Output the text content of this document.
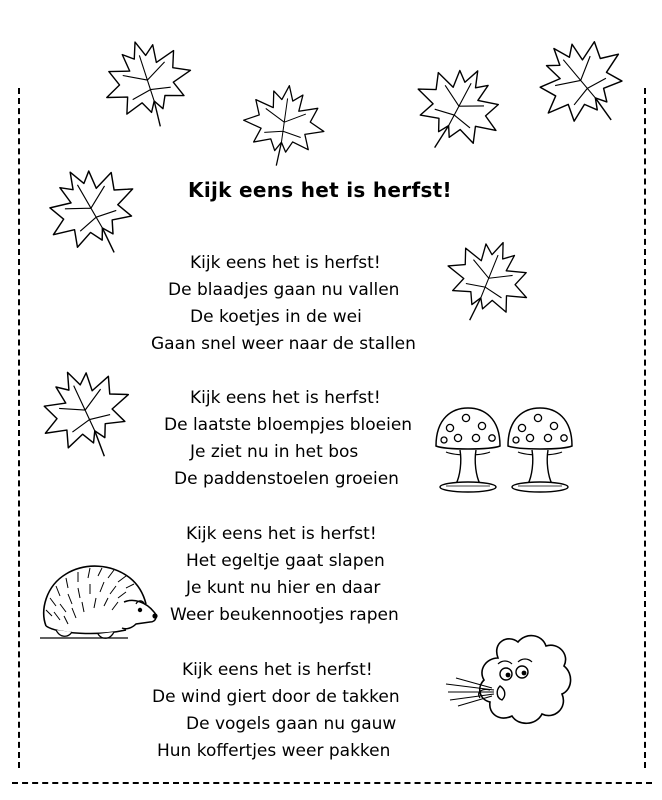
Kijk eens het is herfst!
Kijk eens het is herfst!
De blaadjes gaan nu vallen
De koetjes in de wei
Gaan snel weer naar de stallen
Kijk eens het is herfst!
De laatste bloempjes bloeien
Je ziet nu in het bos
De paddenstoelen groeien
Kijk eens het is herfst!
Het egeltje gaat slapen
Je kunt nu hier en daar
Weer beukennootjes rapen
Kijk eens het is herfst!
De wind giert door de takken
De vogels gaan nu gauw
Hun koffertjes weer pakken
